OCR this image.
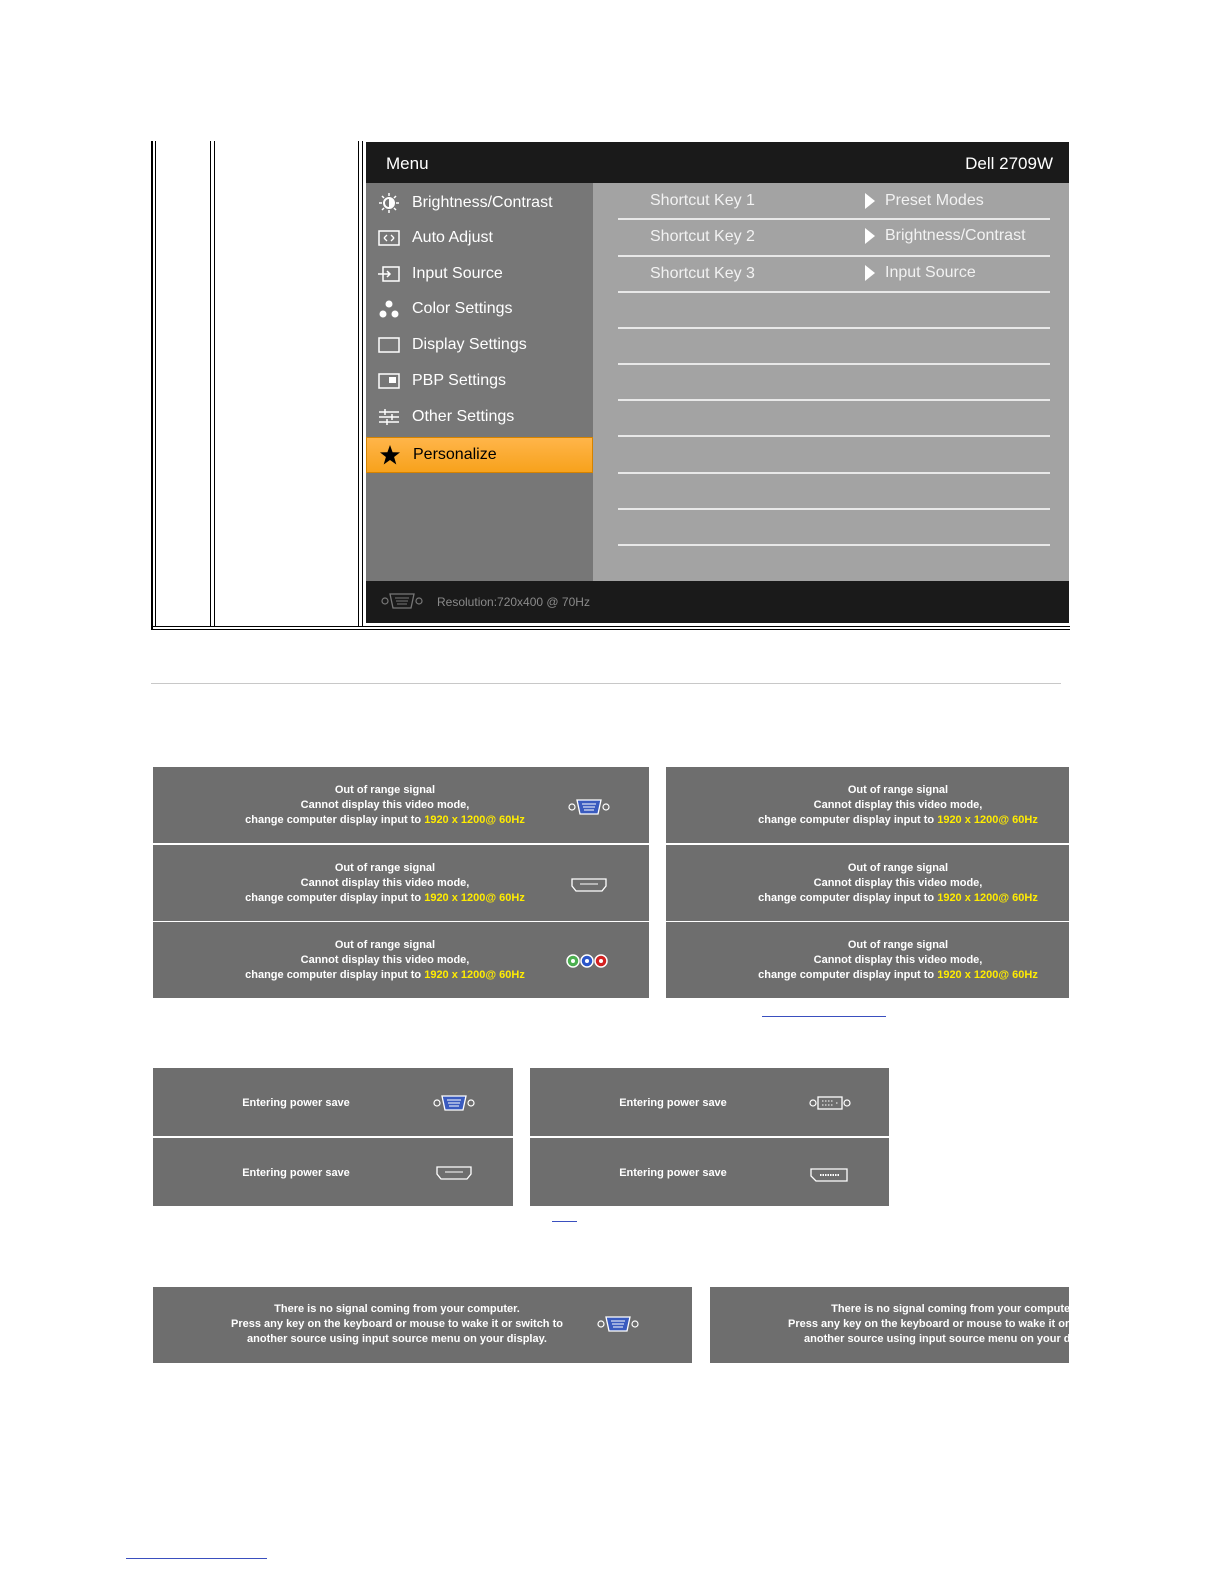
Menu	Dell 2709W
Brightness/Contrast
Auto Adjust
Input Source
Color Settings
Display Settings
PBP Settings
Other Settings
Personalize
Shortcut Key 1	Preset Modes
Shortcut Key 2	Brightness/Contrast
Shortcut Key 3	Input Source
Resolution:720x400 @ 70Hz
Out of range signal
Cannot display this video mode,
change computer display input to 1920 x 1200@ 60Hz
Out of range signal
Cannot display this video mode,
change computer display input to 1920 x 1200@ 60Hz
Out of range signal
Cannot display this video mode,
change computer display input to 1920 x 1200@ 60Hz
Out of range signal
Cannot display this video mode,
change computer display input to 1920 x 1200@ 60Hz
Out of range signal
Cannot display this video mode,
change computer display input to 1920 x 1200@ 60Hz
Out of range signal
Cannot display this video mode,
change computer display input to 1920 x 1200@ 60Hz
Entering power save	Entering power save
Entering power save	Entering power save
There is no signal coming from your computer.
Press any key on the keyboard or mouse to wake it or switch to
another source using input source menu on your display.
There is no signal coming from your computer.
Press any key on the keyboard or mouse to wake it or switch to
another source using input source menu on your display.
